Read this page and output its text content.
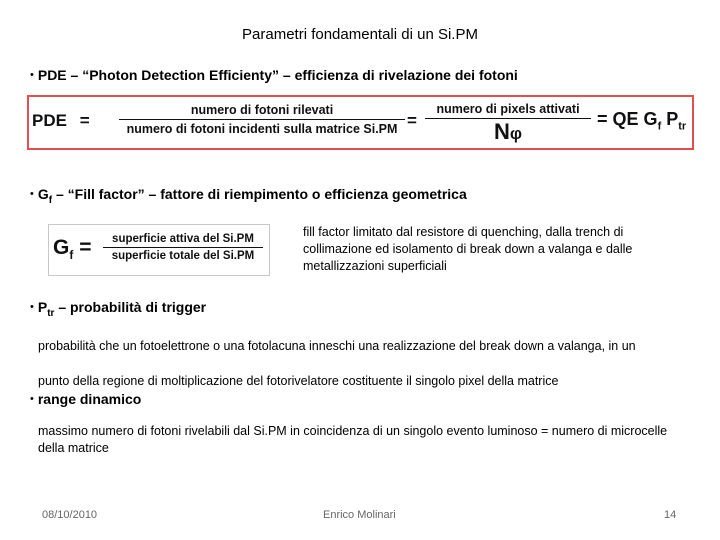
Parametri fondamentali di un Si.PM
• PDE – “Photon Detection Efficienty” – efficienza di rivelazione dei fotoni
PDE =
numero di fotoni rilevati
numero di fotoni incidenti sulla matrice Si.PM =
numero di pixels attivati
Nφ
= QE $G_f$ $P_{tr}$
• $G_f$ – “Fill factor” – fattore di riempimento o efficienza geometrica
$G_f$ =	superficie attiva del Si.PM
superficie totale del Si.PM
fill factor limitato dal resistore di quenching, dalla trench di collimazione ed isolamento di break down a valanga e dalle metallizzazioni superficiali
• $P_{tr}$ – probabilità di trigger
probabilità che un fotoelettrone o una fotolacuna inneschi una realizzazione del break down a valanga, in un
punto della regione di moltiplicazione del fotorivelatore costituente il singolo pixel della matrice
• range dinamico
massimo numero di fotoni rivelabili dal Si.PM in coincidenza di un singolo evento luminoso = numero di microcelle della matrice
08/10/2010	Enrico Molinari	14
